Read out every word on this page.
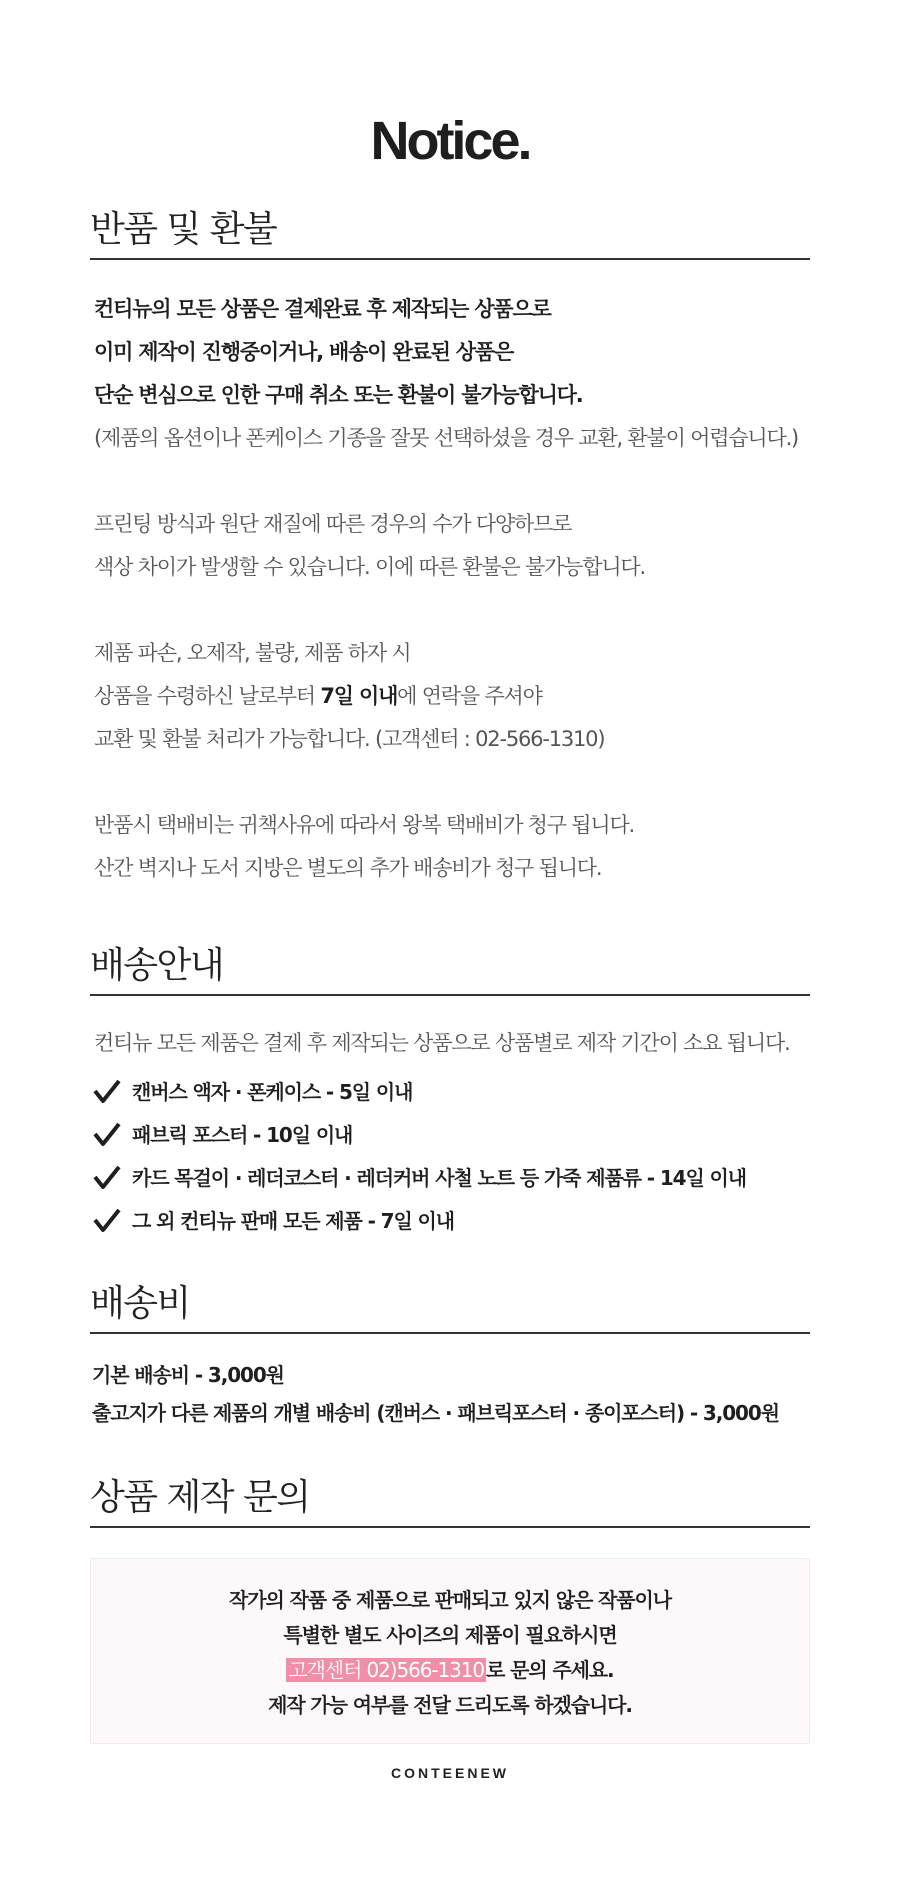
Notice.
반품 및 환불
컨티뉴의 모든 상품은 결제완료 후 제작되는 상품으로
이미 제작이 진행중이거나, 배송이 완료된 상품은
단순 변심으로 인한 구매 취소 또는 환불이 불가능합니다.
(제품의 옵션이나 폰케이스 기종을 잘못 선택하셨을 경우 교환, 환불이 어렵습니다.)
프린팅 방식과 원단 재질에 따른 경우의 수가 다양하므로
색상 차이가 발생할 수 있습니다. 이에 따른 환불은 불가능합니다.
제품 파손, 오제작, 불량, 제품 하자 시
상품을 수령하신 날로부터 7일 이내에 연락을 주셔야
교환 및 환불 처리가 가능합니다. (고객센터 : 02-566-1310)
반품시 택배비는 귀책사유에 따라서 왕복 택배비가 청구 됩니다.
산간 벽지나 도서 지방은 별도의 추가 배송비가 청구 됩니다.
배송안내
컨티뉴 모든 제품은 결제 후 제작되는 상품으로 상품별로 제작 기간이 소요 됩니다.
캔버스 액자 · 폰케이스 - 5일 이내
패브릭 포스터 - 10일 이내
카드 목걸이 · 레더코스터 · 레더커버 사철 노트 등 가죽 제품류 - 14일 이내
그 외 컨티뉴 판매 모든 제품 - 7일 이내
배송비
기본 배송비 - 3,000원
출고지가 다른 제품의 개별 배송비 (캔버스 · 패브릭포스터 · 종이포스터) - 3,000원
상품 제작 문의
작가의 작품 중 제품으로 판매되고 있지 않은 작품이나
특별한 별도 사이즈의 제품이 필요하시면
고객센터 02)566-1310 로 문의 주세요.
제작 가능 여부를 전달 드리도록 하겠습니다.
CONTEENEW
